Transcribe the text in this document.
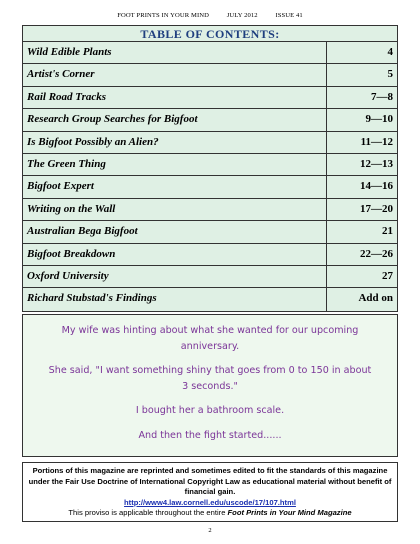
FOOT PRINTS IN YOUR MIND	JULY 2012	ISSUE 41
TABLE OF CONTENTS:
Wild Edible Plants	4
Artist's Corner	5
Rail Road Tracks	7—8
Research Group Searches for Bigfoot	9—10
Is Bigfoot Possibly an Alien?	11—12
The Green Thing	12—13
Bigfoot Expert	14—16
Writing on the Wall	17—20
Australian Bega Bigfoot	21
Bigfoot Breakdown	22—26
Oxford University	27
Richard Stubstad's Findings	Add on

My wife was hinting about what she wanted for our upcoming anniversary.

She said, "I want something shiny that goes from 0 to 150 in about 3 seconds."

I bought her a bathroom scale.

And then the fight started......

Portions of this magazine are reprinted and sometimes edited to fit the standards of this magazine under the Fair Use Doctrine of International Copyright Law as educational material without benefit of financial gain.
http://www4.law.cornell.edu/uscode/17/107.html
This proviso is applicable throughout the entire Foot Prints in Your Mind Magazine
2
